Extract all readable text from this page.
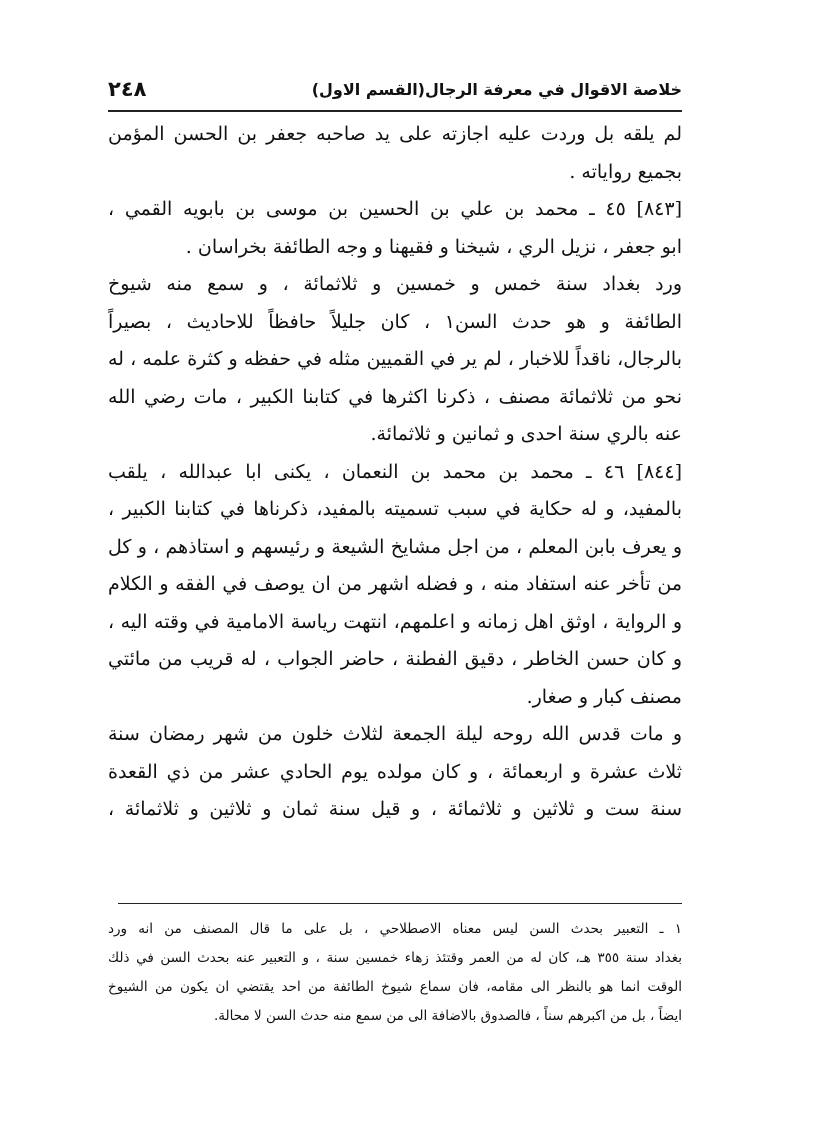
٢٤٨	خلاصة الاقوال في معرفة الرجال(القسم الاول)
لم يلقه بل وردت عليه اجازته على يد صاحبه جعفر بن الحسن المؤمن
بجميع رواياته .
[٨٤٣] ٤٥ ـ محمد بن علي بن الحسين بن موسى بن بابويه القمي ،
ابو جعفر ، نزيل الري ، شيخنا و فقيهنا و وجه الطائفة بخراسان .
ورد بغداد سنة خمس و خمسين و ثلاثمائة ، و سمع منه شيوخ
الطائفة و هو حدث السن١ ، كان جليلاً حافظاً للاحاديث ، بصيراً
بالرجال، ناقداً للاخبار ، لم ير في القميين مثله في حفظه و كثرة علمه ، له
نحو من ثلاثمائة مصنف ، ذكرنا اكثرها في كتابنا الكبير ، مات رضي الله
عنه بالري سنة احدى و ثمانين و ثلاثمائة.
[٨٤٤] ٤٦ ـ محمد بن محمد بن النعمان ، يكنى ابا عبدالله ، يلقب
بالمفيد، و له حكاية في سبب تسميته بالمفيد، ذكرناها في كتابنا الكبير ،
و يعرف بابن المعلم ، من اجل مشايخ الشيعة و رئيسهم و استاذهم ، و كل
من تأخر عنه استفاد منه ، و فضله اشهر من ان يوصف في الفقه و الكلام
و الرواية ، اوثق اهل زمانه و اعلمهم، انتهت رياسة الامامية في وقته اليه ،
و كان حسن الخاطر ، دقيق الفطنة ، حاضر الجواب ، له قريب من مائتي
مصنف كبار و صغار.
و مات قدس الله روحه ليلة الجمعة لثلاث خلون من شهر رمضان سنة
ثلاث عشرة و اربعمائة ، و كان مولده يوم الحادي عشر من ذي القعدة
سنة ست و ثلاثين و ثلاثمائة ، و قيل سنة ثمان و ثلاثين و ثلاثمائة ،
١ ـ التعبير بحدث السن ليس معناه الاصطلاحي ، بل على ما قال المصنف من انه ورد
بغداد سنة ٣٥٥ هـ، كان له من العمر وقتئذ زهاء خمسين سنة ، و التعبير عنه بحدث السن في ذلك
الوقت انما هو بالنظر الى مقامه، فان سماع شيوخ الطائفة من احد يقتضي ان يكون من الشيوخ
ايضاً ، بل من اكبرهم سناً ، فالصدوق بالاضافة الى من سمع منه حدث السن لا محالة.
